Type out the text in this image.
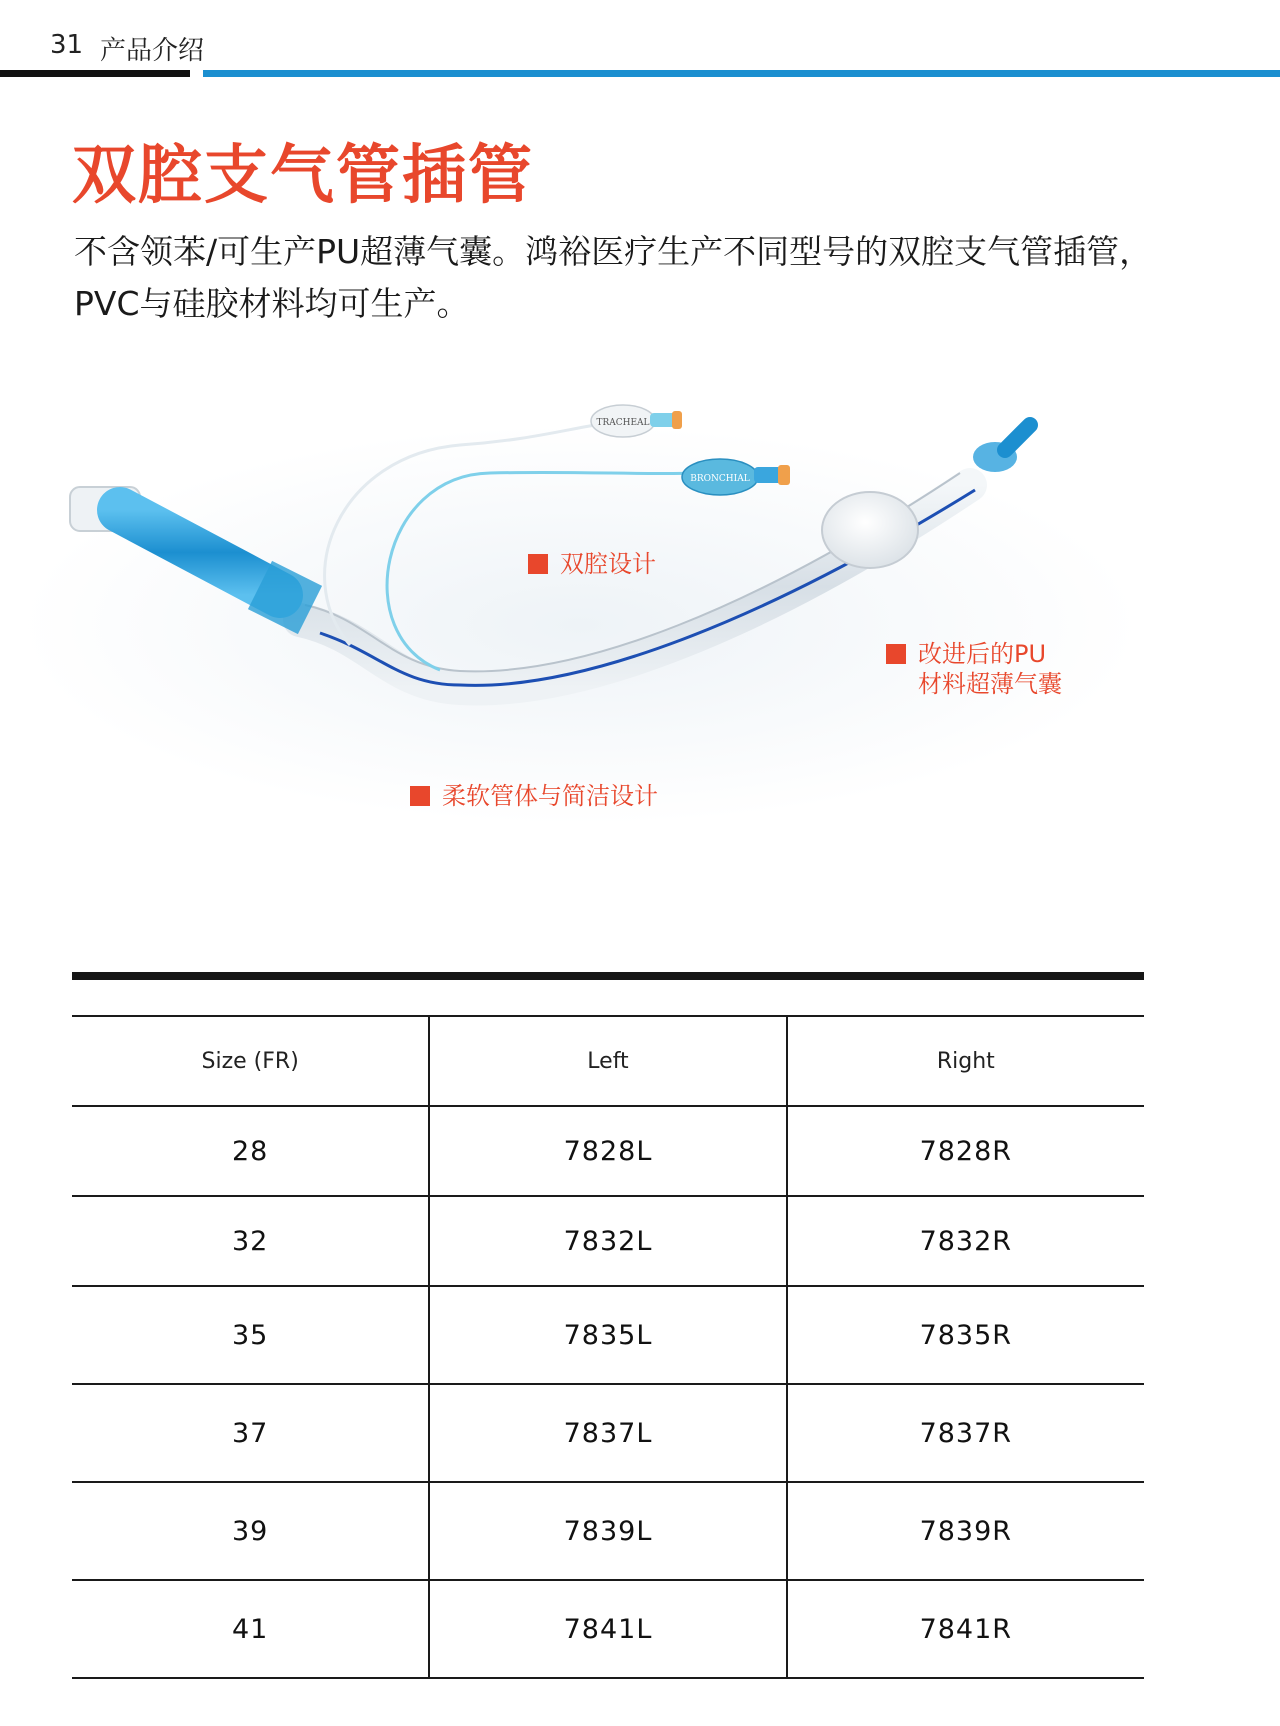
31 产品介绍
双腔支气管插管

不含领苯/可生产PU超薄气囊。鸿裕医疗生产不同型号的双腔支气管插管，PVC与硅胶材料均可生产。

TRACHEAL
BRONCHIAL
双腔设计
改进后的PU
材料超薄气囊
柔软管体与简洁设计
Size (FR)	Left	Right
28	7828L	7828R
32	7832L	7832R
35	7835L	7835R
37	7837L	7837R
39	7839L	7839R
41	7841L	7841R
